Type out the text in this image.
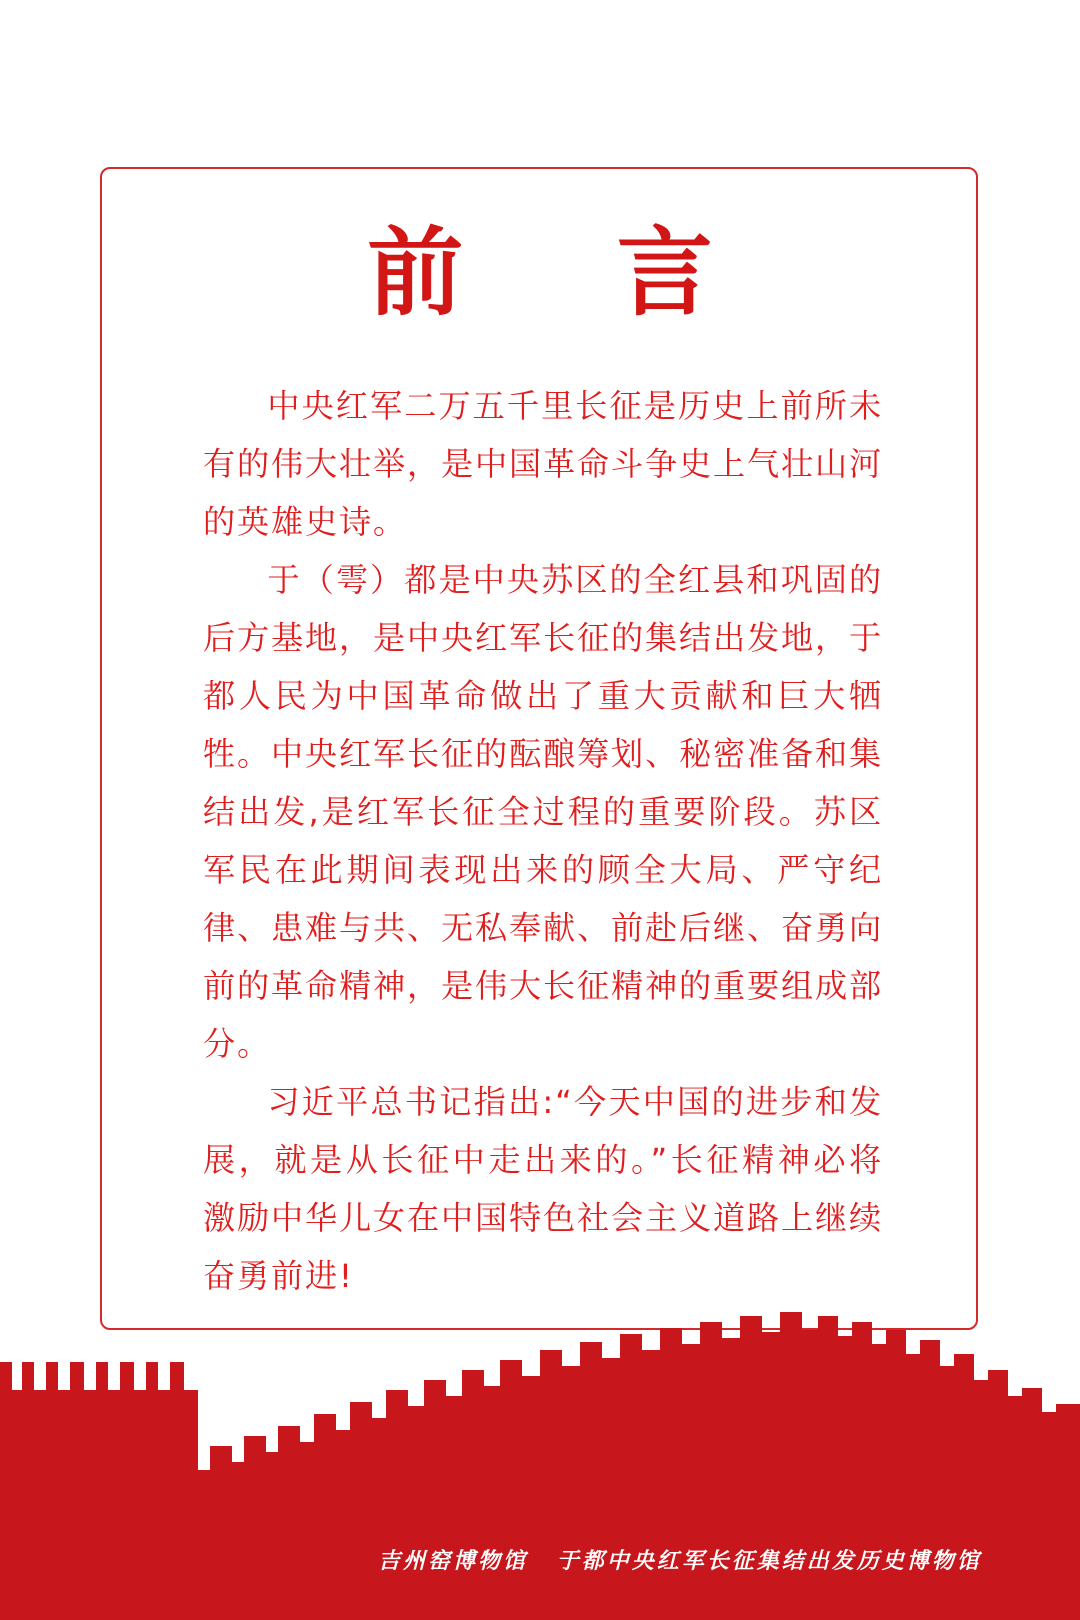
前 言

中央红军二万五千里长征是历史上前所未有的伟大壮举，是中国革命斗争史上气壮山河的英雄史诗。

于（雩）都是中央苏区的全红县和巩固的后方基地，是中央红军长征的集结出发地，于都人民为中国革命做出了重大贡献和巨大牺牲。中央红军长征的酝酿筹划、秘密准备和集结出发,是红军长征全过程的重要阶段。苏区军民在此期间表现出来的顾全大局、严守纪律、患难与共、无私奉献、前赴后继、奋勇向前的革命精神，是伟大长征精神的重要组成部分。

习近平总书记指出:“今天中国的进步和发展，就是从长征中走出来的。”长征精神必将激励中华儿女在中国特色社会主义道路上继续奋勇前进!

吉州窑博物馆 于都中央红军长征集结出发历史博物馆
